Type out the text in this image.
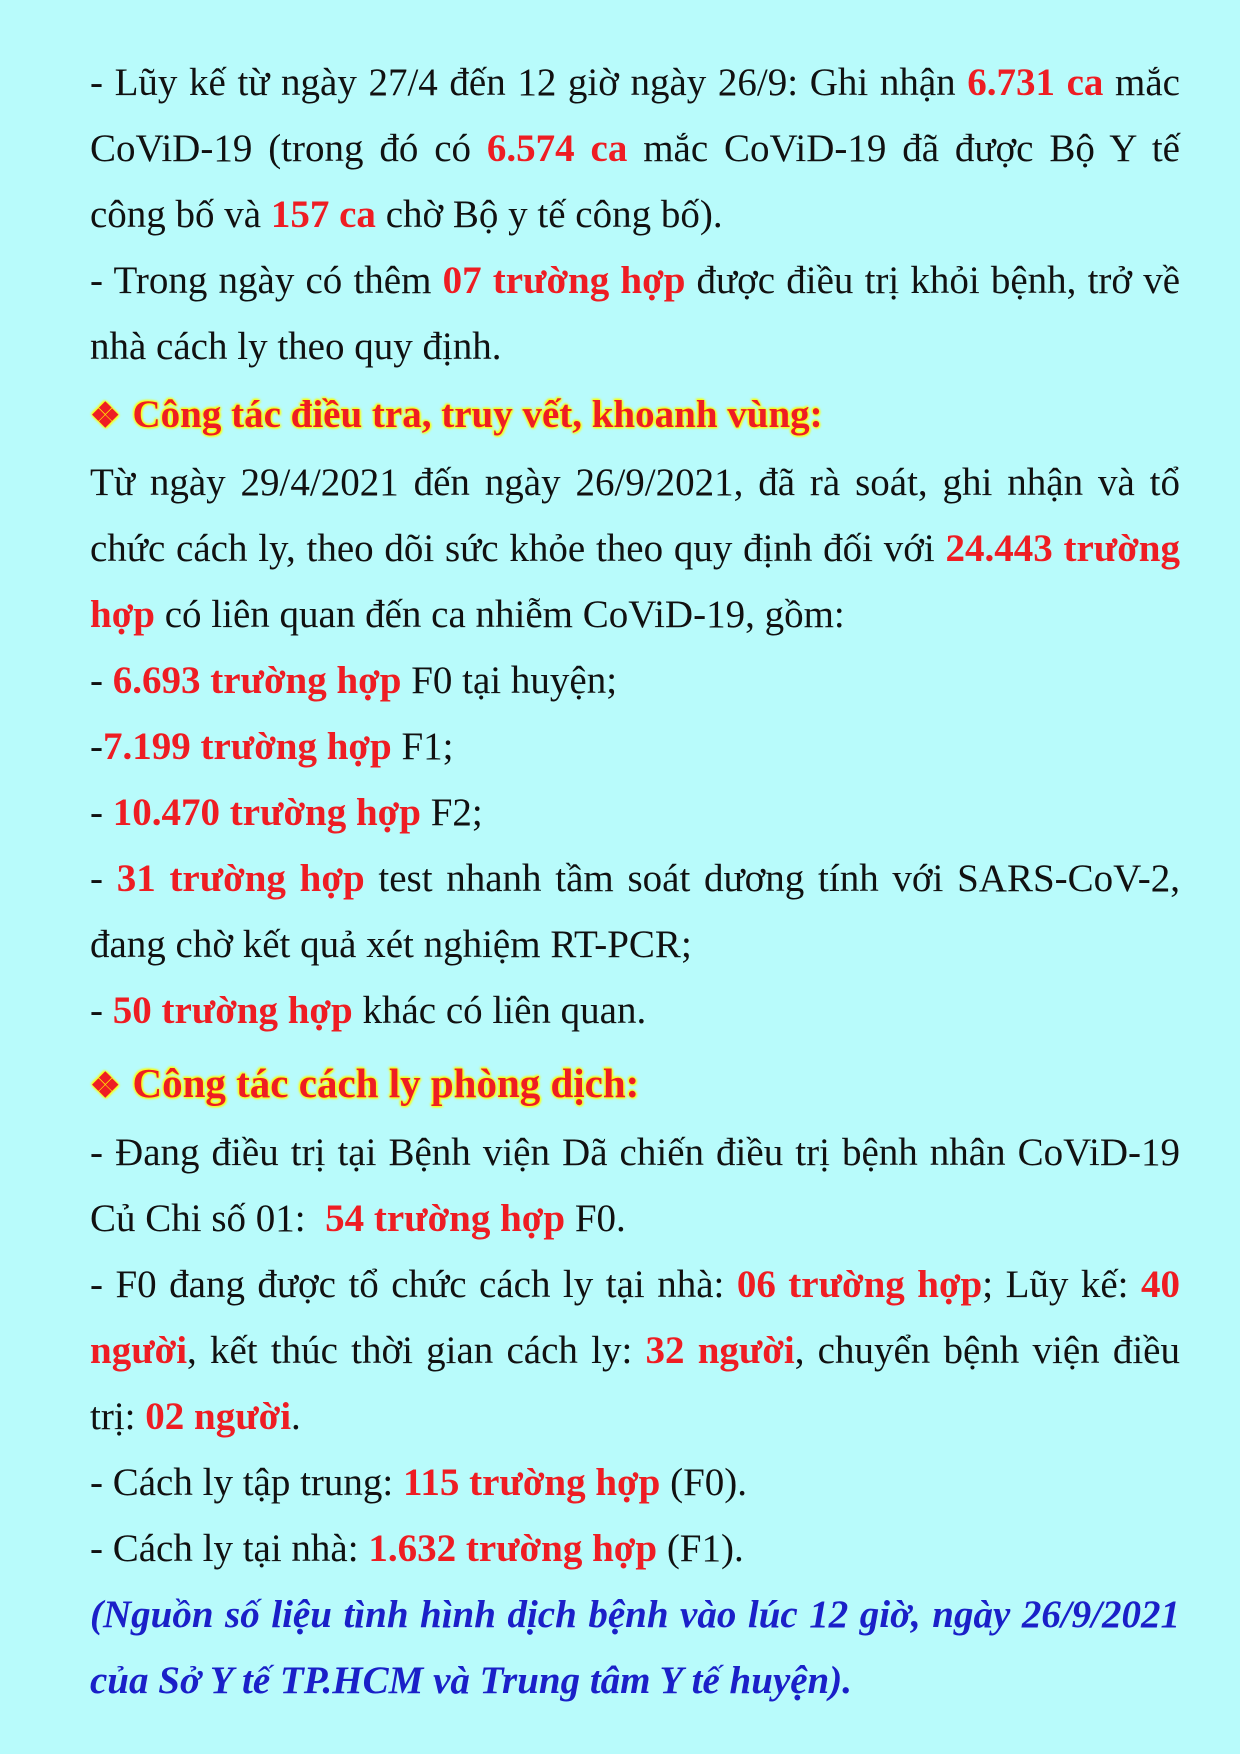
- Lũy kế từ ngày 27/4 đến 12 giờ ngày 26/9: Ghi nhận 6.731 ca mắc CoViD-19 (trong đó có 6.574 ca mắc CoViD-19 đã được Bộ Y tế công bố và 157 ca chờ Bộ y tế công bố).

- Trong ngày có thêm 07 trường hợp được điều trị khỏi bệnh, trở về nhà cách ly theo quy định.

❖ Công tác điều tra, truy vết, khoanh vùng:

Từ ngày 29/4/2021 đến ngày 26/9/2021, đã rà soát, ghi nhận và tổ chức cách ly, theo dõi sức khỏe theo quy định đối với 24.443 trường hợp có liên quan đến ca nhiễm CoViD-19, gồm:

- 6.693 trường hợp F0 tại huyện;

-7.199 trường hợp F1;

- 10.470 trường hợp F2;

- 31 trường hợp test nhanh tầm soát dương tính với SARS-CoV-2, đang chờ kết quả xét nghiệm RT-PCR;

- 50 trường hợp khác có liên quan.

❖ Công tác cách ly phòng dịch:

- Đang điều trị tại Bệnh viện Dã chiến điều trị bệnh nhân CoViD-19 Củ Chi số 01:  54 trường hợp F0.

- F0 đang được tổ chức cách ly tại nhà: 06 trường hợp; Lũy kế: 40 người, kết thúc thời gian cách ly: 32 người, chuyển bệnh viện điều trị: 02 người.

- Cách ly tập trung: 115 trường hợp (F0).

- Cách ly tại nhà: 1.632 trường hợp (F1).

(Nguồn số liệu tình hình dịch bệnh vào lúc 12 giờ, ngày 26/9/2021 của Sở Y tế TP.HCM và Trung tâm Y tế huyện).
